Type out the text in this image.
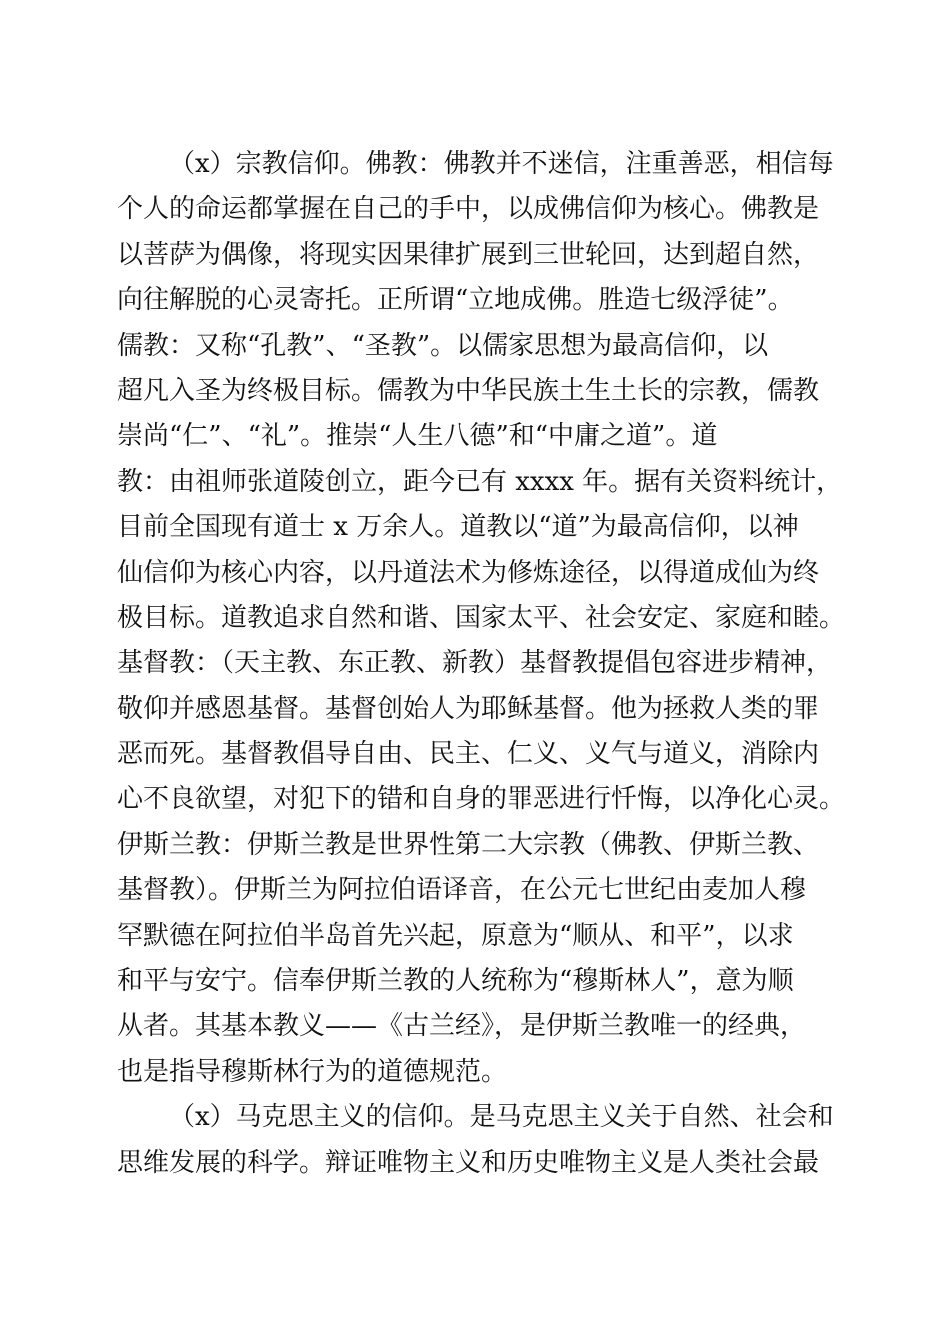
（x）宗教信仰。佛教：佛教并不迷信，注重善恶，相信每
个人的命运都掌握在自己的手中，以成佛信仰为核心。佛教是
以菩萨为偶像，将现实因果律扩展到三世轮回，达到超自然，
向往解脱的心灵寄托。正所谓“立地成佛。胜造七级浮徒”。
儒教：又称“孔教”、“圣教”。以儒家思想为最高信仰，以
超凡入圣为终极目标。儒教为中华民族土生土长的宗教，儒教
崇尚“仁”、“礼”。推崇“人生八德”和“中庸之道”。道
教：由祖师张道陵创立，距今已有 xxxx 年。据有关资料统计，
目前全国现有道士 x 万余人。道教以“道”为最高信仰，以神
仙信仰为核心内容，以丹道法术为修炼途径，以得道成仙为终
极目标。道教追求自然和谐、国家太平、社会安定、家庭和睦。
基督教：（天主教、东正教、新教）基督教提倡包容进步精神，
敬仰并感恩基督。基督创始人为耶稣基督。他为拯救人类的罪
恶而死。基督教倡导自由、民主、仁义、义气与道义，消除内
心不良欲望，对犯下的错和自身的罪恶进行忏悔，以净化心灵。
伊斯兰教：伊斯兰教是世界性第二大宗教（佛教、伊斯兰教、
基督教）。伊斯兰为阿拉伯语译音，在公元七世纪由麦加人穆
罕默德在阿拉伯半岛首先兴起，原意为“顺从、和平”，以求
和平与安宁。信奉伊斯兰教的人统称为“穆斯林人”，意为顺
从者。其基本教义——《古兰经》，是伊斯兰教唯一的经典，
也是指导穆斯林行为的道德规范。
（x）马克思主义的信仰。是马克思主义关于自然、社会和
思维发展的科学。辩证唯物主义和历史唯物主义是人类社会最
